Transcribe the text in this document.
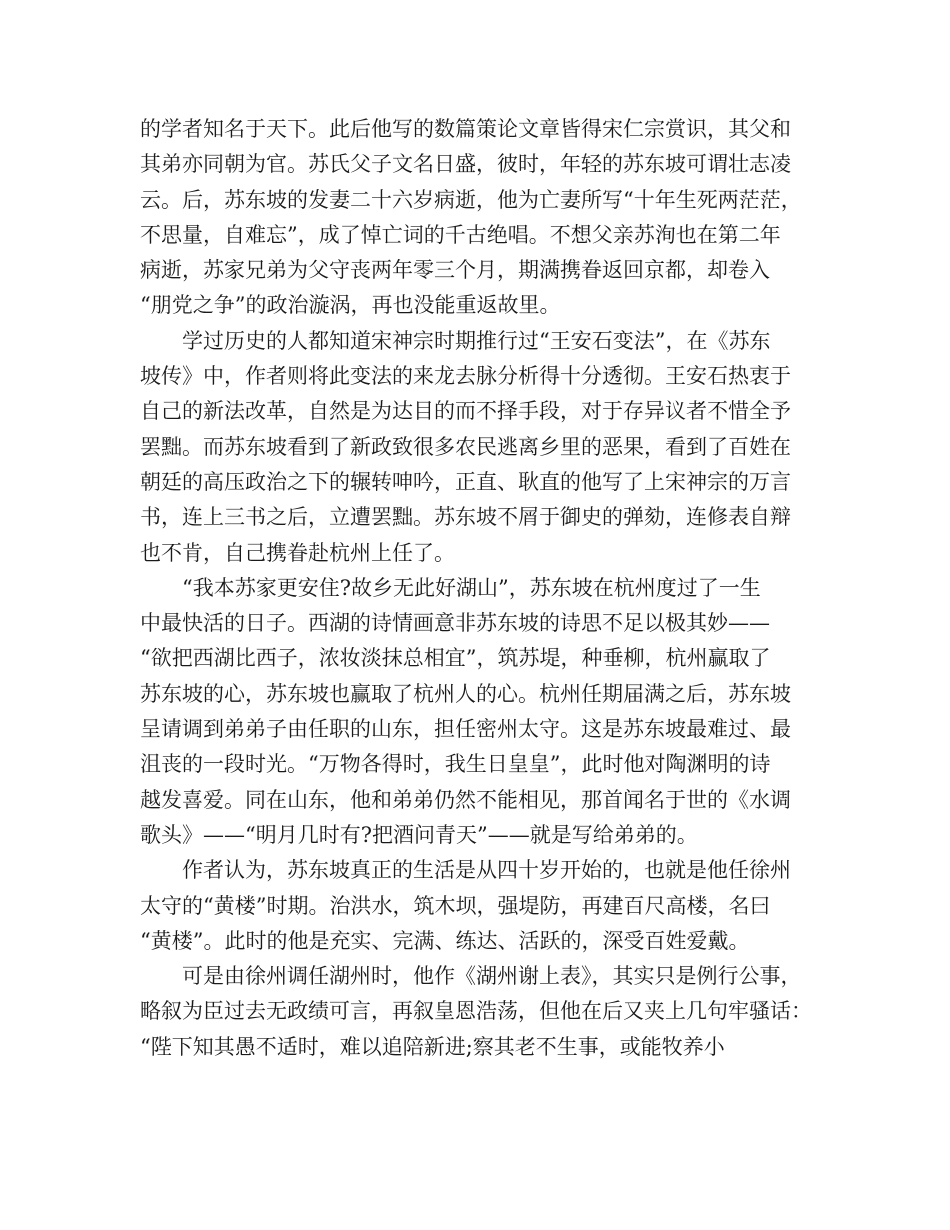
的学者知名于天下。此后他写的数篇策论文章皆得宋仁宗赏识，其父和
其弟亦同朝为官。苏氏父子文名日盛，彼时，年轻的苏东坡可谓壮志凌
云。后，苏东坡的发妻二十六岁病逝，他为亡妻所写“十年生死两茫茫，
不思量，自难忘”，成了悼亡词的千古绝唱。不想父亲苏洵也在第二年
病逝，苏家兄弟为父守丧两年零三个月，期满携眷返回京都，却卷入
“朋党之争”的政治漩涡，再也没能重返故里。
学过历史的人都知道宋神宗时期推行过“王安石变法”，在《苏东
坡传》中，作者则将此变法的来龙去脉分析得十分透彻。王安石热衷于
自己的新法改革，自然是为达目的而不择手段，对于存异议者不惜全予
罢黜。而苏东坡看到了新政致很多农民逃离乡里的恶果，看到了百姓在
朝廷的高压政治之下的辗转呻吟，正直、耿直的他写了上宋神宗的万言
书，连上三书之后，立遭罢黜。苏东坡不屑于御史的弹劾，连修表自辩
也不肯，自己携眷赴杭州上任了。
“我本苏家更安住?故乡无此好湖山”，苏东坡在杭州度过了一生
中最快活的日子。西湖的诗情画意非苏东坡的诗思不足以极其妙——
“欲把西湖比西子，浓妆淡抹总相宜”，筑苏堤，种垂柳，杭州赢取了
苏东坡的心，苏东坡也赢取了杭州人的心。杭州任期届满之后，苏东坡
呈请调到弟弟子由任职的山东，担任密州太守。这是苏东坡最难过、最
沮丧的一段时光。“万物各得时，我生日皇皇”，此时他对陶渊明的诗
越发喜爱。同在山东，他和弟弟仍然不能相见，那首闻名于世的《水调
歌头》——“明月几时有?把酒问青天”——就是写给弟弟的。
作者认为，苏东坡真正的生活是从四十岁开始的，也就是他任徐州
太守的“黄楼”时期。治洪水，筑木坝，强堤防，再建百尺高楼，名曰
“黄楼”。此时的他是充实、完满、练达、活跃的，深受百姓爱戴。
可是由徐州调任湖州时，他作《湖州谢上表》，其实只是例行公事，
略叙为臣过去无政绩可言，再叙皇恩浩荡，但他在后又夹上几句牢骚话：
“陛下知其愚不适时，难以追陪新进;察其老不生事，或能牧养小
